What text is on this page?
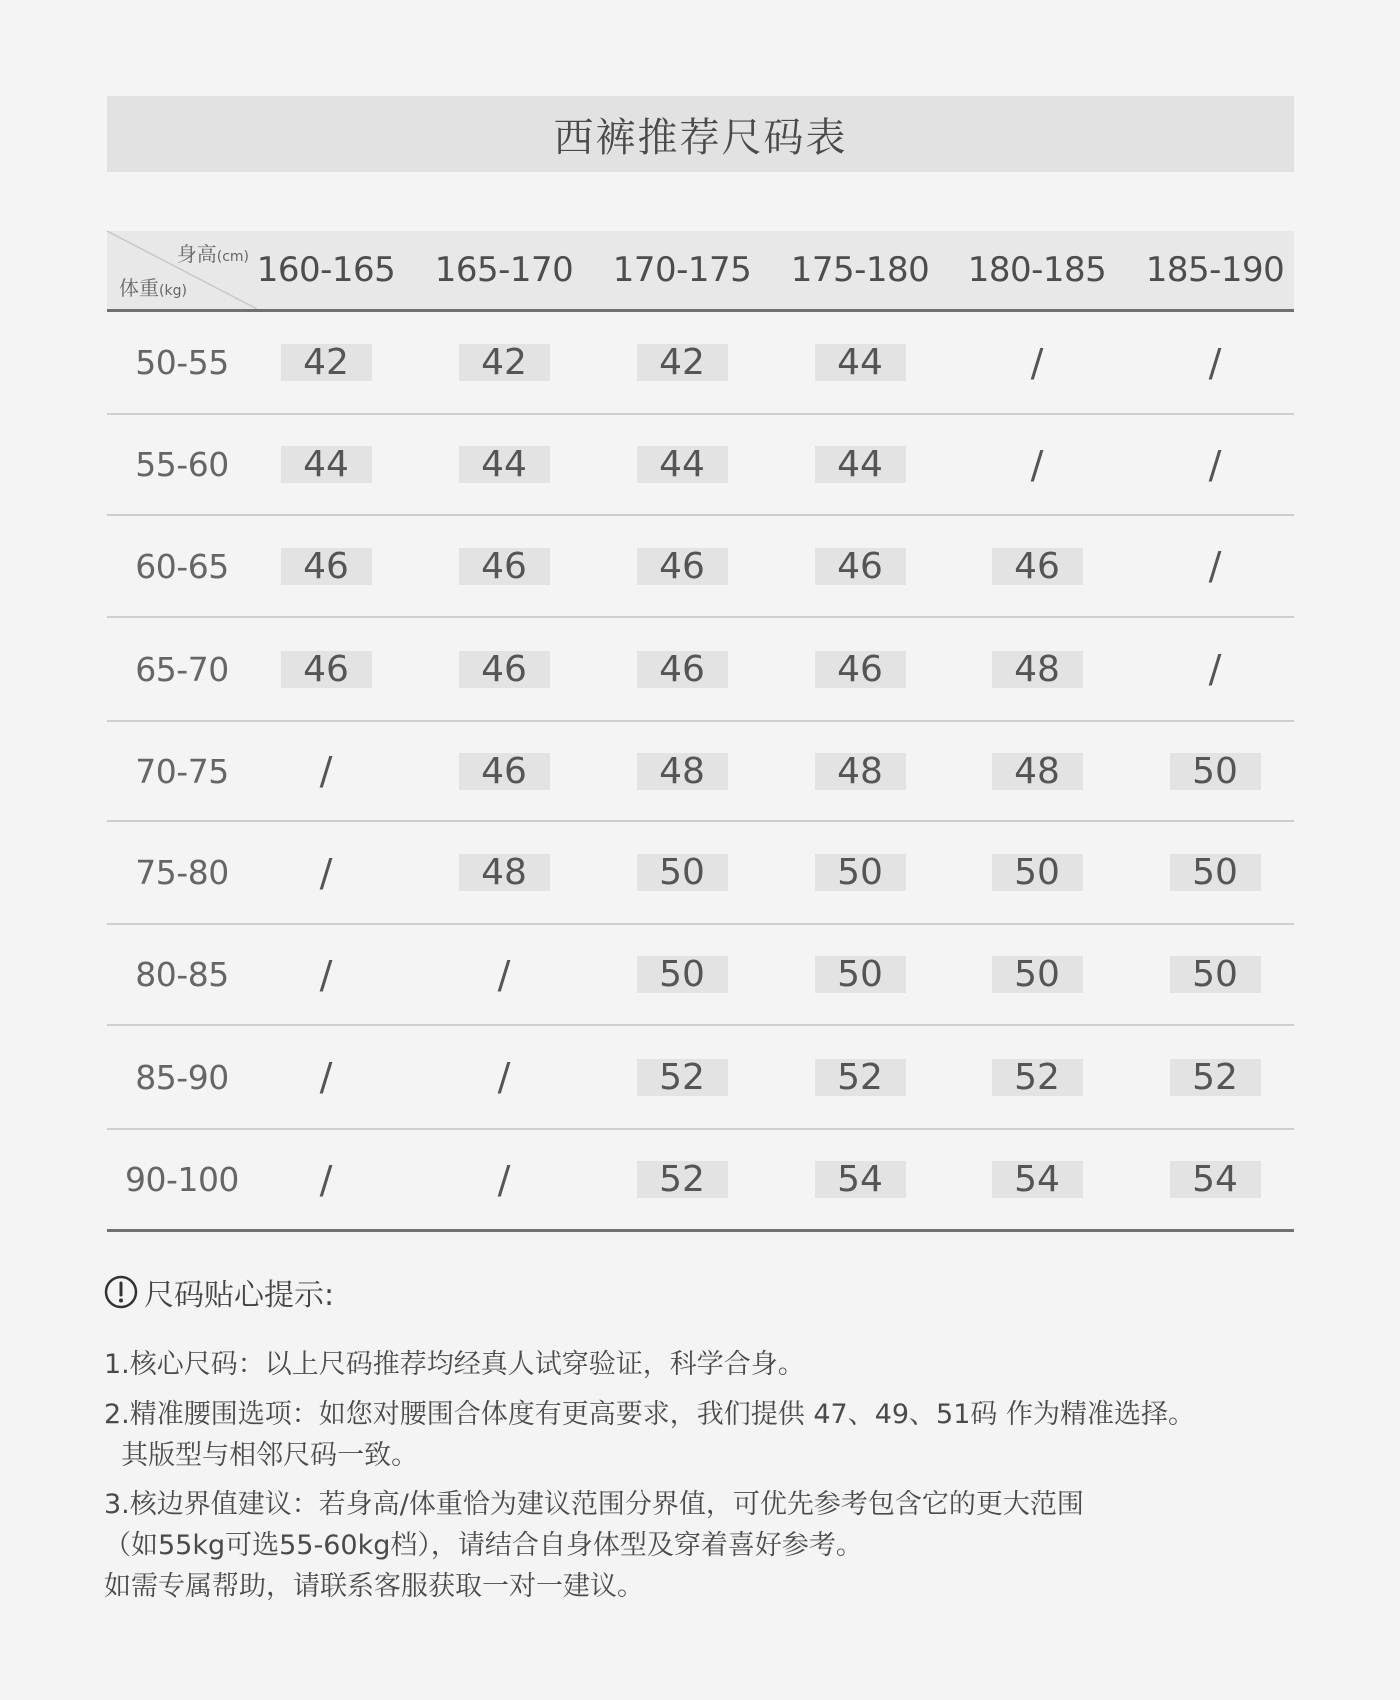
西裤推荐尺码表
身高(cm)
体重(kg)
160-165	165-170	170-175	175-180	180-185	185-190
50-55	42	42	42	44	/	/
55-60	44	44	44	44	/	/
60-65	46	46	46	46	46	/
65-70	46	46	46	46	48	/
70-75	/	46	48	48	48	50
75-80	/	48	50	50	50	50
80-85	/	/	50	50	50	50
85-90	/	/	52	52	52	52
90-100	/	/	52	54	54	54
尺码贴心提示:
1.核心尺码：以上尺码推荐均经真人试穿验证，科学合身。
2.精准腰围选项：如您对腰围合体度有更高要求，我们提供 47、49、51码 作为精准选择。
其版型与相邻尺码一致。
3.核边界值建议：若身高/体重恰为建议范围分界值，可优先参考包含它的更大范围
（如55kg可选55-60kg档），请结合自身体型及穿着喜好参考。
如需专属帮助，请联系客服获取一对一建议。
